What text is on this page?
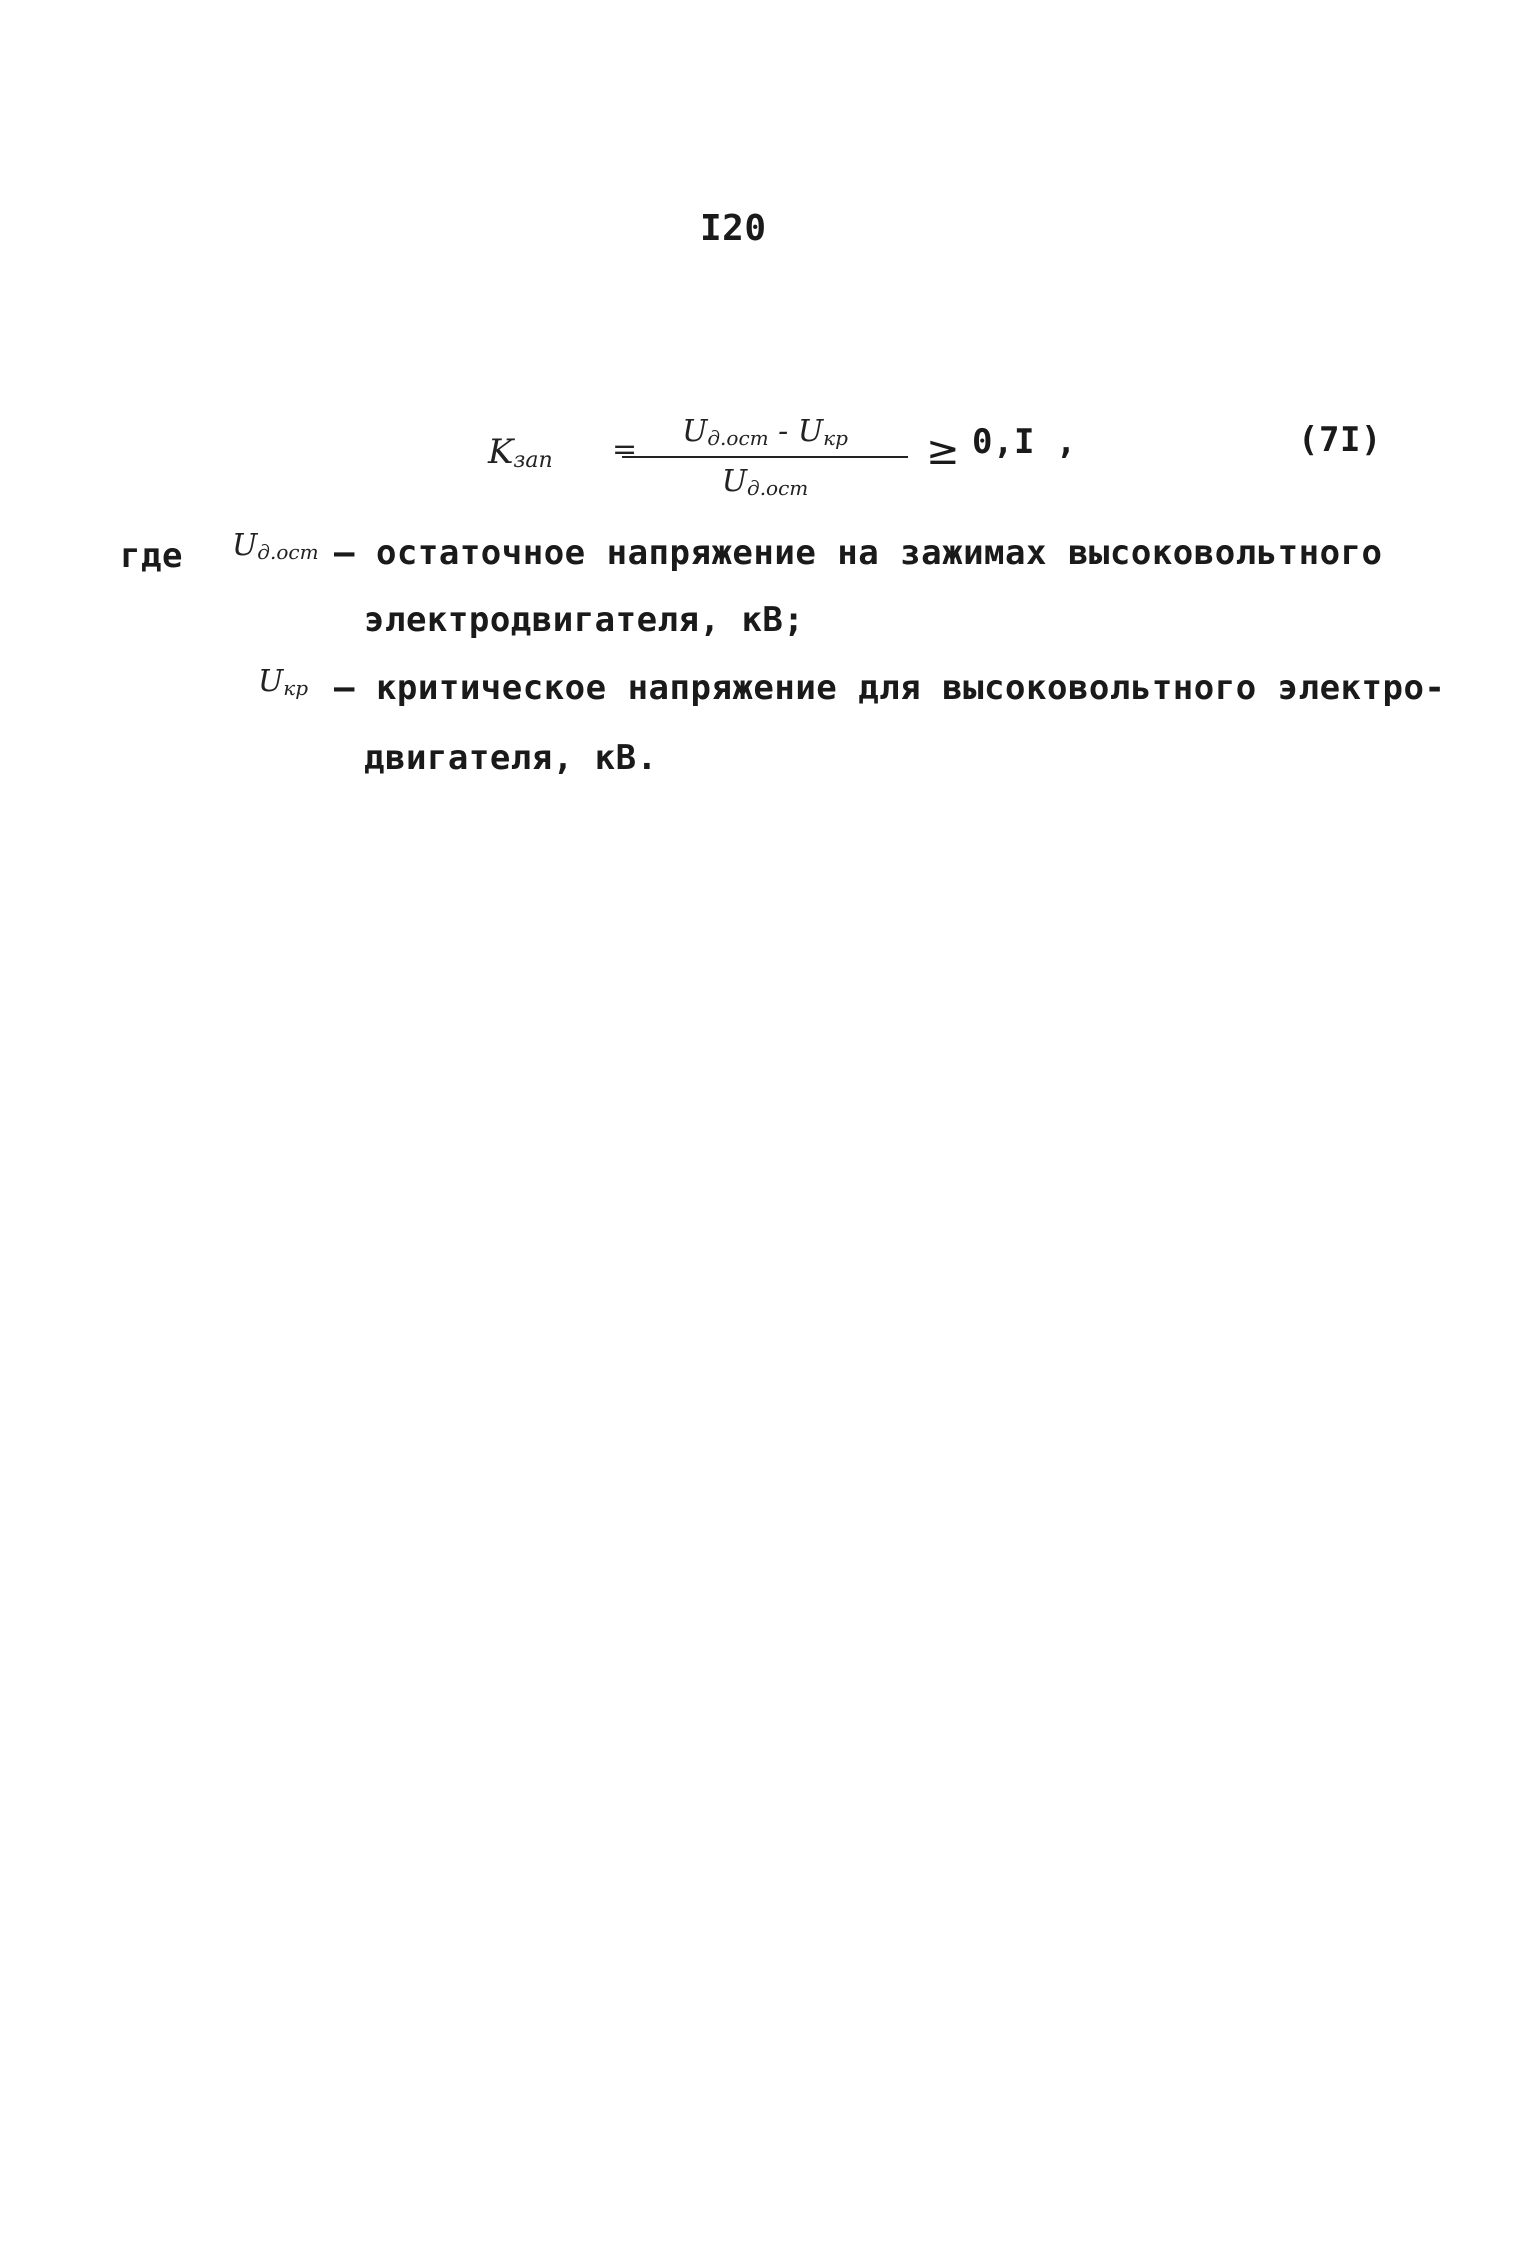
I20
$K_{зап}$ =
$U_{д.ост} - U_{кр}$
$U_{д.ост}$
≥ 0,I ,	(7I)
где $U_{д.ост}$ – остаточное напряжение на зажимах высоковольтного
электродвигателя, кВ;
$U_{кр}$ – критическое напряжение для высоковольтного электро-
двигателя, кВ.
